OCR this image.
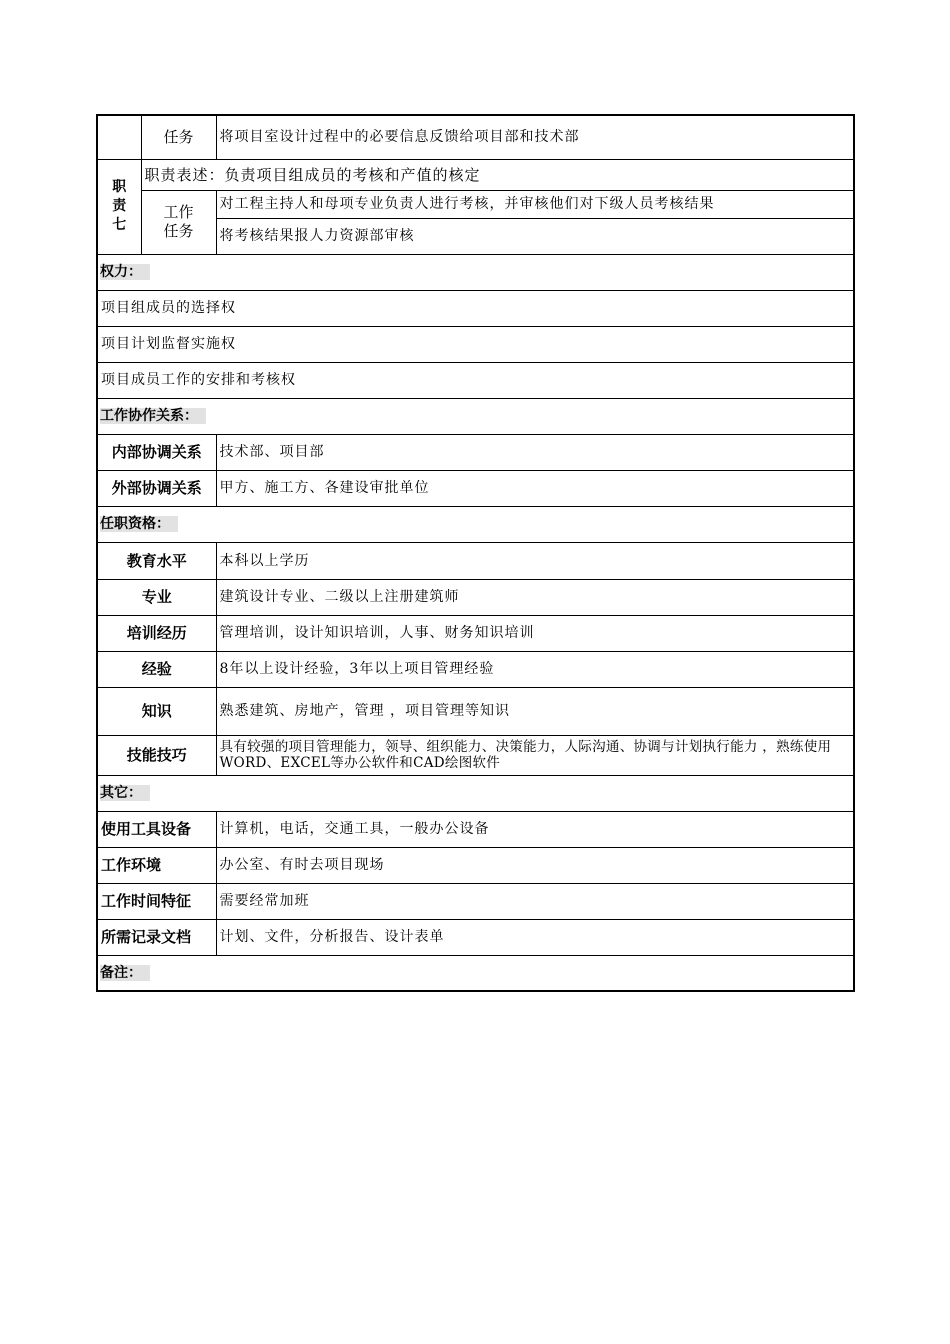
	任务	将项目室设计过程中的必要信息反馈给项目部和技术部

职
责
七	职责表述：负责项目组成员的考核和产值的核定	

	工作
任务	对工程主持人和母项专业负责人进行考核，并审核他们对下级人员考核结果
		将考核结果报人力资源部审核
权力：		
项目组成员的选择权		
项目计划监督实施权		
项目成员工作的安排和考核权		
工作协作关系：		
内部协调关系		技术部、项目部
外部协调关系		甲方、施工方、各建设审批单位
任职资格：		
教育水平		本科以上学历
专业		建筑设计专业、二级以上注册建筑师
培训经历		管理培训，设计知识培训，人事、财务知识培训
经验		8年以上设计经验，3年以上项目管理经验
知识		熟悉建筑、房地产，管理 ，项目管理等知识
技能技巧		具有较强的项目管理能力，领导、组织能力、决策能力，人际沟通、协调与计划执行能力 ，熟练使用WORD、EXCEL等办公软件和CAD绘图软件
其它：		
使用工具设备		计算机，电话，交通工具，一般办公设备
工作环境		办公室、有时去项目现场
工作时间特征		需要经常加班
所需记录文档		计划、文件，分析报告、设计表单
备注：		
